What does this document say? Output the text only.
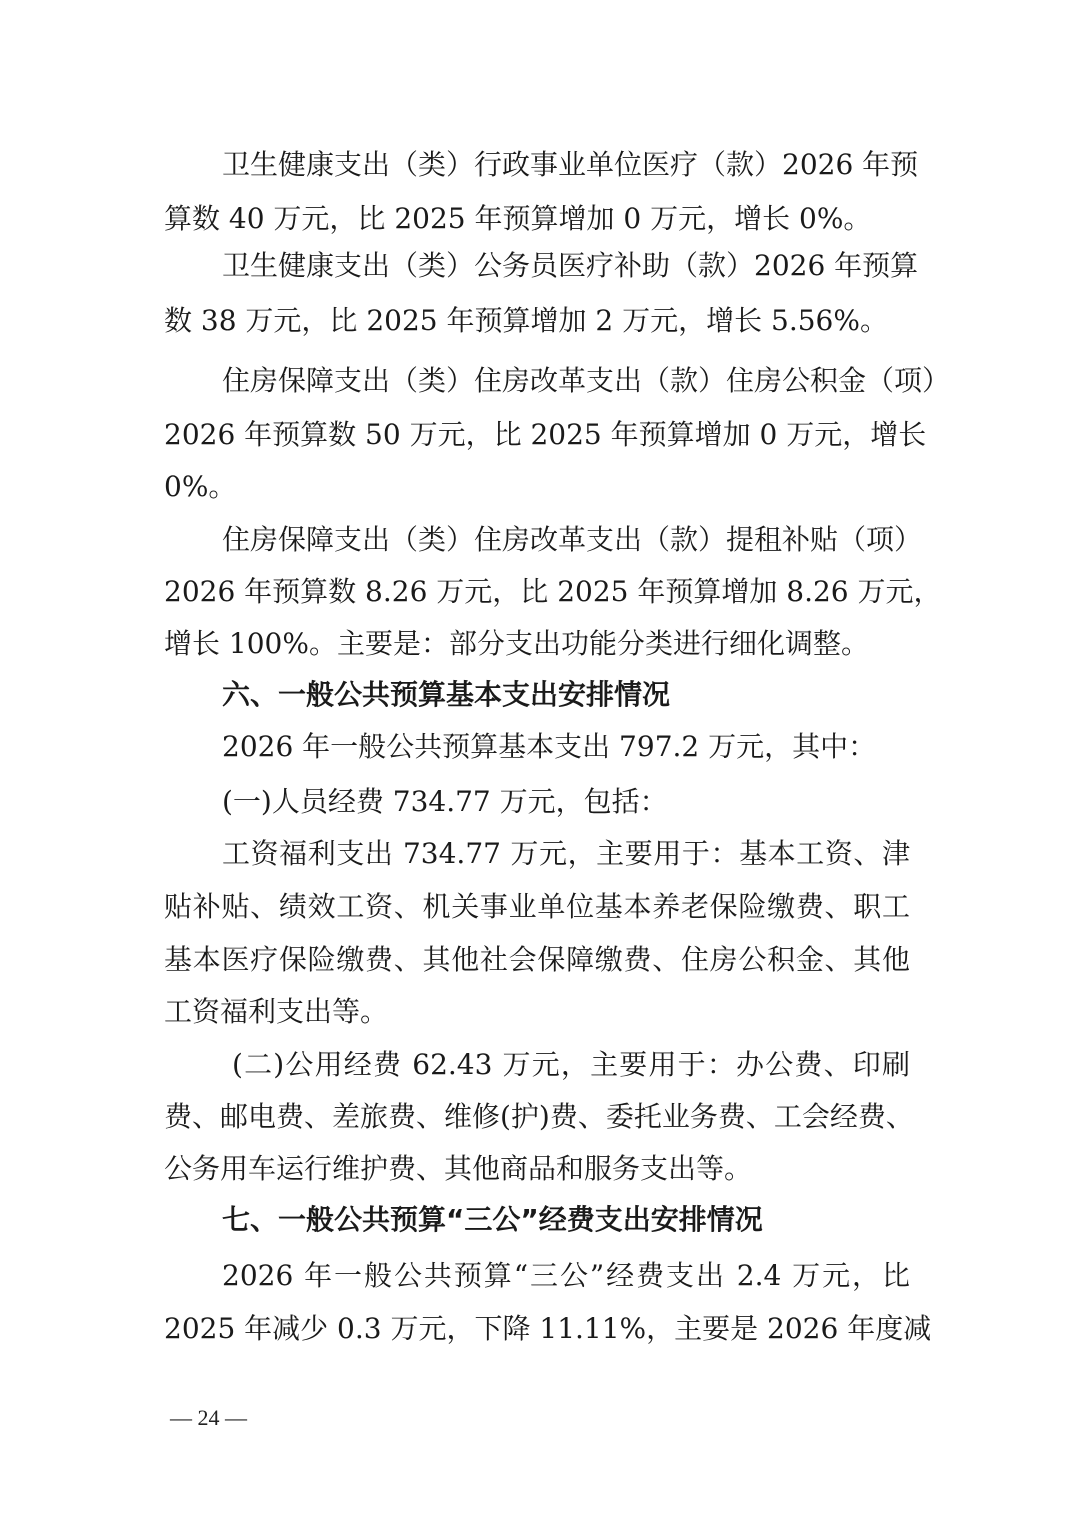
卫生健康支出（类）行政事业单位医疗（款）2026 年预
算数 40 万元，比 2025 年预算增加 0 万元，增长 0%。
卫生健康支出（类）公务员医疗补助（款）2026 年预算
数 38 万元，比 2025 年预算增加 2 万元，增长 5.56%。
住房保障支出（类）住房改革支出（款）住房公积金（项）
2026 年预算数 50 万元，比 2025 年预算增加 0 万元，增长
0%。
住房保障支出（类）住房改革支出（款）提租补贴（项）
2026 年预算数 8.26 万元，比 2025 年预算增加 8.26 万元，
增长 100%。主要是：部分支出功能分类进行细化调整。
六、一般公共预算基本支出安排情况
2026 年一般公共预算基本支出 797.2 万元，其中：
(一)人员经费 734.77 万元，包括：
工资福利支出 734.77 万元，主要用于：基本工资、津
贴补贴、绩效工资、机关事业单位基本养老保险缴费、职工
基本医疗保险缴费、其他社会保障缴费、住房公积金、其他
工资福利支出等。
(二)公用经费 62.43 万元，主要用于：办公费、印刷
费、邮电费、差旅费、维修(护)费、委托业务费、工会经费、
公务用车运行维护费、其他商品和服务支出等。
七、一般公共预算“三公”经费支出安排情况
2026 年一般公共预算“三公”经费支出 2.4 万元，比
2025 年减少 0.3 万元，下降 11.11%，主要是 2026 年度减
— 24 —
